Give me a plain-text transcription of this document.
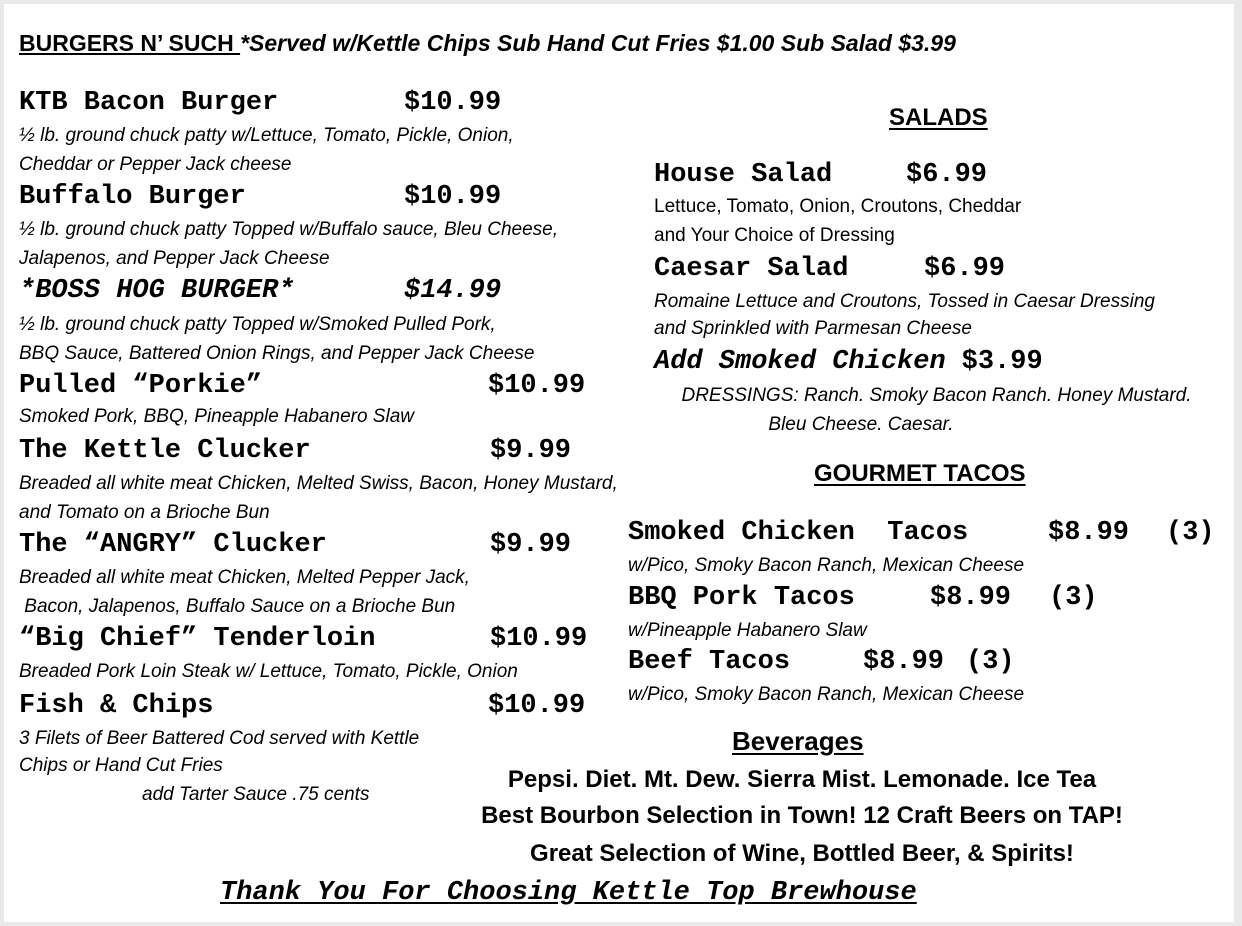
BURGERS N’ SUCH *Served w/Kettle Chips Sub Hand Cut Fries $1.00 Sub Salad $3.99
KTB Bacon Burger	$10.99
½ lb. ground chuck patty w/Lettuce, Tomato, Pickle, Onion,
Cheddar or Pepper Jack cheese
Buffalo Burger	$10.99
½ lb. ground chuck patty Topped w/Buffalo sauce, Bleu Cheese,
Jalapenos, and Pepper Jack Cheese
*BOSS HOG BURGER*	$14.99
½ lb. ground chuck patty Topped w/Smoked Pulled Pork,
BBQ Sauce, Battered Onion Rings, and Pepper Jack Cheese
Pulled “Porkie”	$10.99
Smoked Pork, BBQ, Pineapple Habanero Slaw
The Kettle Clucker	$9.99
Breaded all white meat Chicken, Melted Swiss, Bacon, Honey Mustard,
and Tomato on a Brioche Bun
The “ANGRY” Clucker	$9.99
Breaded all white meat Chicken, Melted Pepper Jack,
Bacon, Jalapenos, Buffalo Sauce on a Brioche Bun
“Big Chief” Tenderloin	$10.99
Breaded Pork Loin Steak w/ Lettuce, Tomato, Pickle, Onion
Fish & Chips	$10.99
3 Filets of Beer Battered Cod served with Kettle
Chips or Hand Cut Fries
add Tarter Sauce .75 cents
SALADS
House Salad	$6.99
Lettuce, Tomato, Onion, Croutons, Cheddar
and Your Choice of Dressing
Caesar Salad	$6.99
Romaine Lettuce and Croutons, Tossed in Caesar Dressing
and Sprinkled with Parmesan Cheese
Add Smoked Chicken $3.99
DRESSINGS: Ranch. Smoky Bacon Ranch. Honey Mustard.
Bleu Cheese. Caesar.
GOURMET TACOS
Smoked Chicken  Tacos	$8.99 (3)
w/Pico, Smoky Bacon Ranch, Mexican Cheese
BBQ Pork Tacos	$8.99 (3)
w/Pineapple Habanero Slaw
Beef Tacos	$8.99 (3)
w/Pico, Smoky Bacon Ranch, Mexican Cheese
Beverages
Pepsi. Diet. Mt. Dew. Sierra Mist. Lemonade. Ice Tea
Best Bourbon Selection in Town! 12 Craft Beers on TAP!
Great Selection of Wine, Bottled Beer, & Spirits!
Thank You For Choosing Kettle Top Brewhouse
